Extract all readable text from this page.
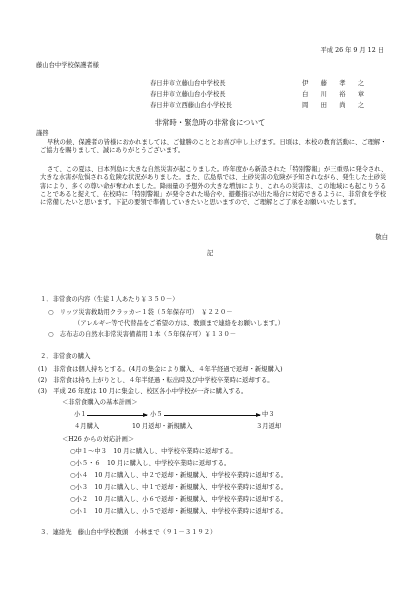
平成 26 年 9 月 12 日
藤山台中学校保護者様
春日井市立藤山台中学校長	伊　藤　孝　之
春日井市立藤山台小学校長	白　川　裕　章
春日井市立西藤山台小学校長	岡　田　尚　之
非常時・緊急時の非常食について
謹啓
早秋の候、保護者の皆様におかれましては、ご健勝のこととお喜び申し上げます。日頃は、本校の教育活動に、ご理解・ご協力を賜りまして、誠にありがとうございます。
さて、この夏は、日本列島に大きな自然災害が起こりました。昨年度から新設された「特別警報」が三重県に発令され、大きな水害が危惧される危険な状況がありました。また、広島県では、土砂災害の危険が予知されながら、発生した土砂災害により、多くの尊い命が奪われました。降雨量の予想外の大きな増加により、これらの災害は、この地域にも起こりうることであると捉えて、在校時に「特別警報」が発令された場合や、避難指示が出た場合に対応できるように、非常食を学校に常備したいと思います。下記の要領で準備していきたいと思いますので、ご理解とご了承をお願いいたします。
敬白
記
１．非常食の内容（生徒１人あたり￥３５０－）
○　リッツ災害救助用クラッカー１袋（５年保存可）　￥２２０－
（アレルギー等で代替品をご希望の方は、教頭まで連絡をお願いします。）
○　志布志の自然水非常災害備蓄用１本（５年保存可）￥１３０－
２．非常食の購入
(1)　非常食は個人持ちとする。(4月の集金により購入、４年半経過で返却・新規購入)
(2)　非常食は持ち上がりとし、４年半経過・転出時及び中学校卒業時に返却する。
(3)　平成 26 年度は 10 月に集金し、校区各小中学校が一斉に購入する。
＜非常食購入の基本計画＞
小１	小５	中３
４月購入	10 月返却・新規購入	３月返却
＜H26 からの対応計画＞
○中１～中３　10 月に購入し、中学校卒業時に返却する。
○小５・６　10 月に購入し、中学校卒業時に返却する。
○小４　10 月に購入し、中２で返却・新規購入、中学校卒業時に返却する。
○小３　10 月に購入し、中１で返却・新規購入、中学校卒業時に返却する。
○小２　10 月に購入し、小６で返却・新規購入、中学校卒業時に返却する。
○小１　10 月に購入し、小５で返却・新規購入、中学校卒業時に返却する。
３．連絡先　藤山台中学校教頭　小林まで（９１－３１９２）
